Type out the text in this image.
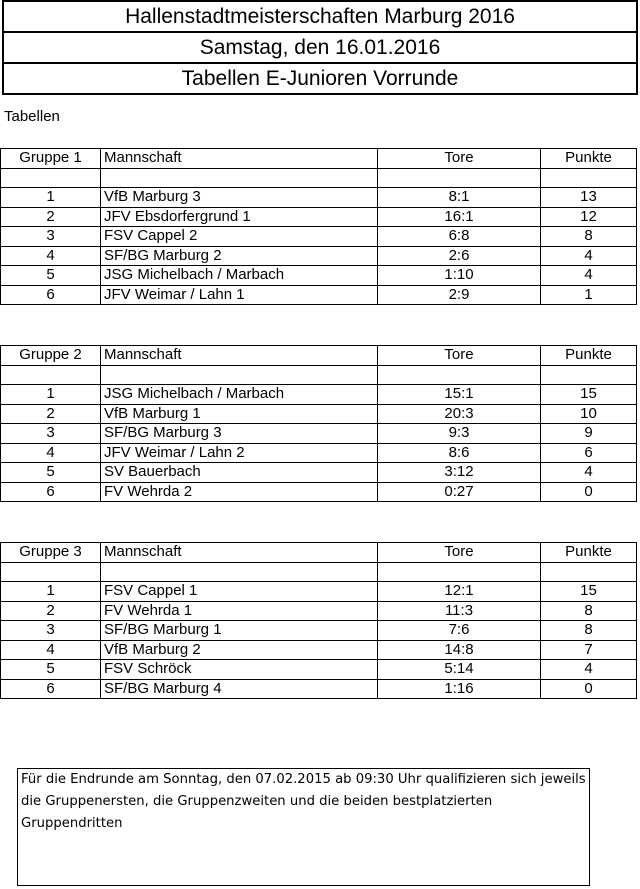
Hallenstadtmeisterschaften Marburg 2016
Samstag, den 16.01.2016
Tabellen E-Junioren Vorrunde
Tabellen
Gruppe 1	Mannschaft	Tore	Punkte

1	VfB Marburg 3	8:1	13
2	JFV Ebsdorfergrund 1	16:1	12
3	FSV Cappel 2	6:8	8
4	SF/BG Marburg 2	2:6	4
5	JSG Michelbach / Marbach	1:10	4
6	JFV Weimar / Lahn 1	2:9	1
Gruppe 2	Mannschaft	Tore	Punkte

1	JSG Michelbach / Marbach	15:1	15
2	VfB Marburg 1	20:3	10
3	SF/BG Marburg 3	9:3	9
4	JFV Weimar / Lahn 2	8:6	6
5	SV Bauerbach	3:12	4
6	FV Wehrda 2	0:27	0
Gruppe 3	Mannschaft	Tore	Punkte

1	FSV Cappel 1	12:1	15
2	FV Wehrda 1	11:3	8
3	SF/BG Marburg 1	7:6	8
4	VfB Marburg 2	14:8	7
5	FSV Schröck	5:14	4
6	SF/BG Marburg 4	1:16	0
Für die Endrunde am Sonntag, den 07.02.2015 ab 09:30 Uhr qualifizieren sich jeweils
die Gruppenersten, die Gruppenzweiten und die beiden bestplatzierten
Gruppendritten
